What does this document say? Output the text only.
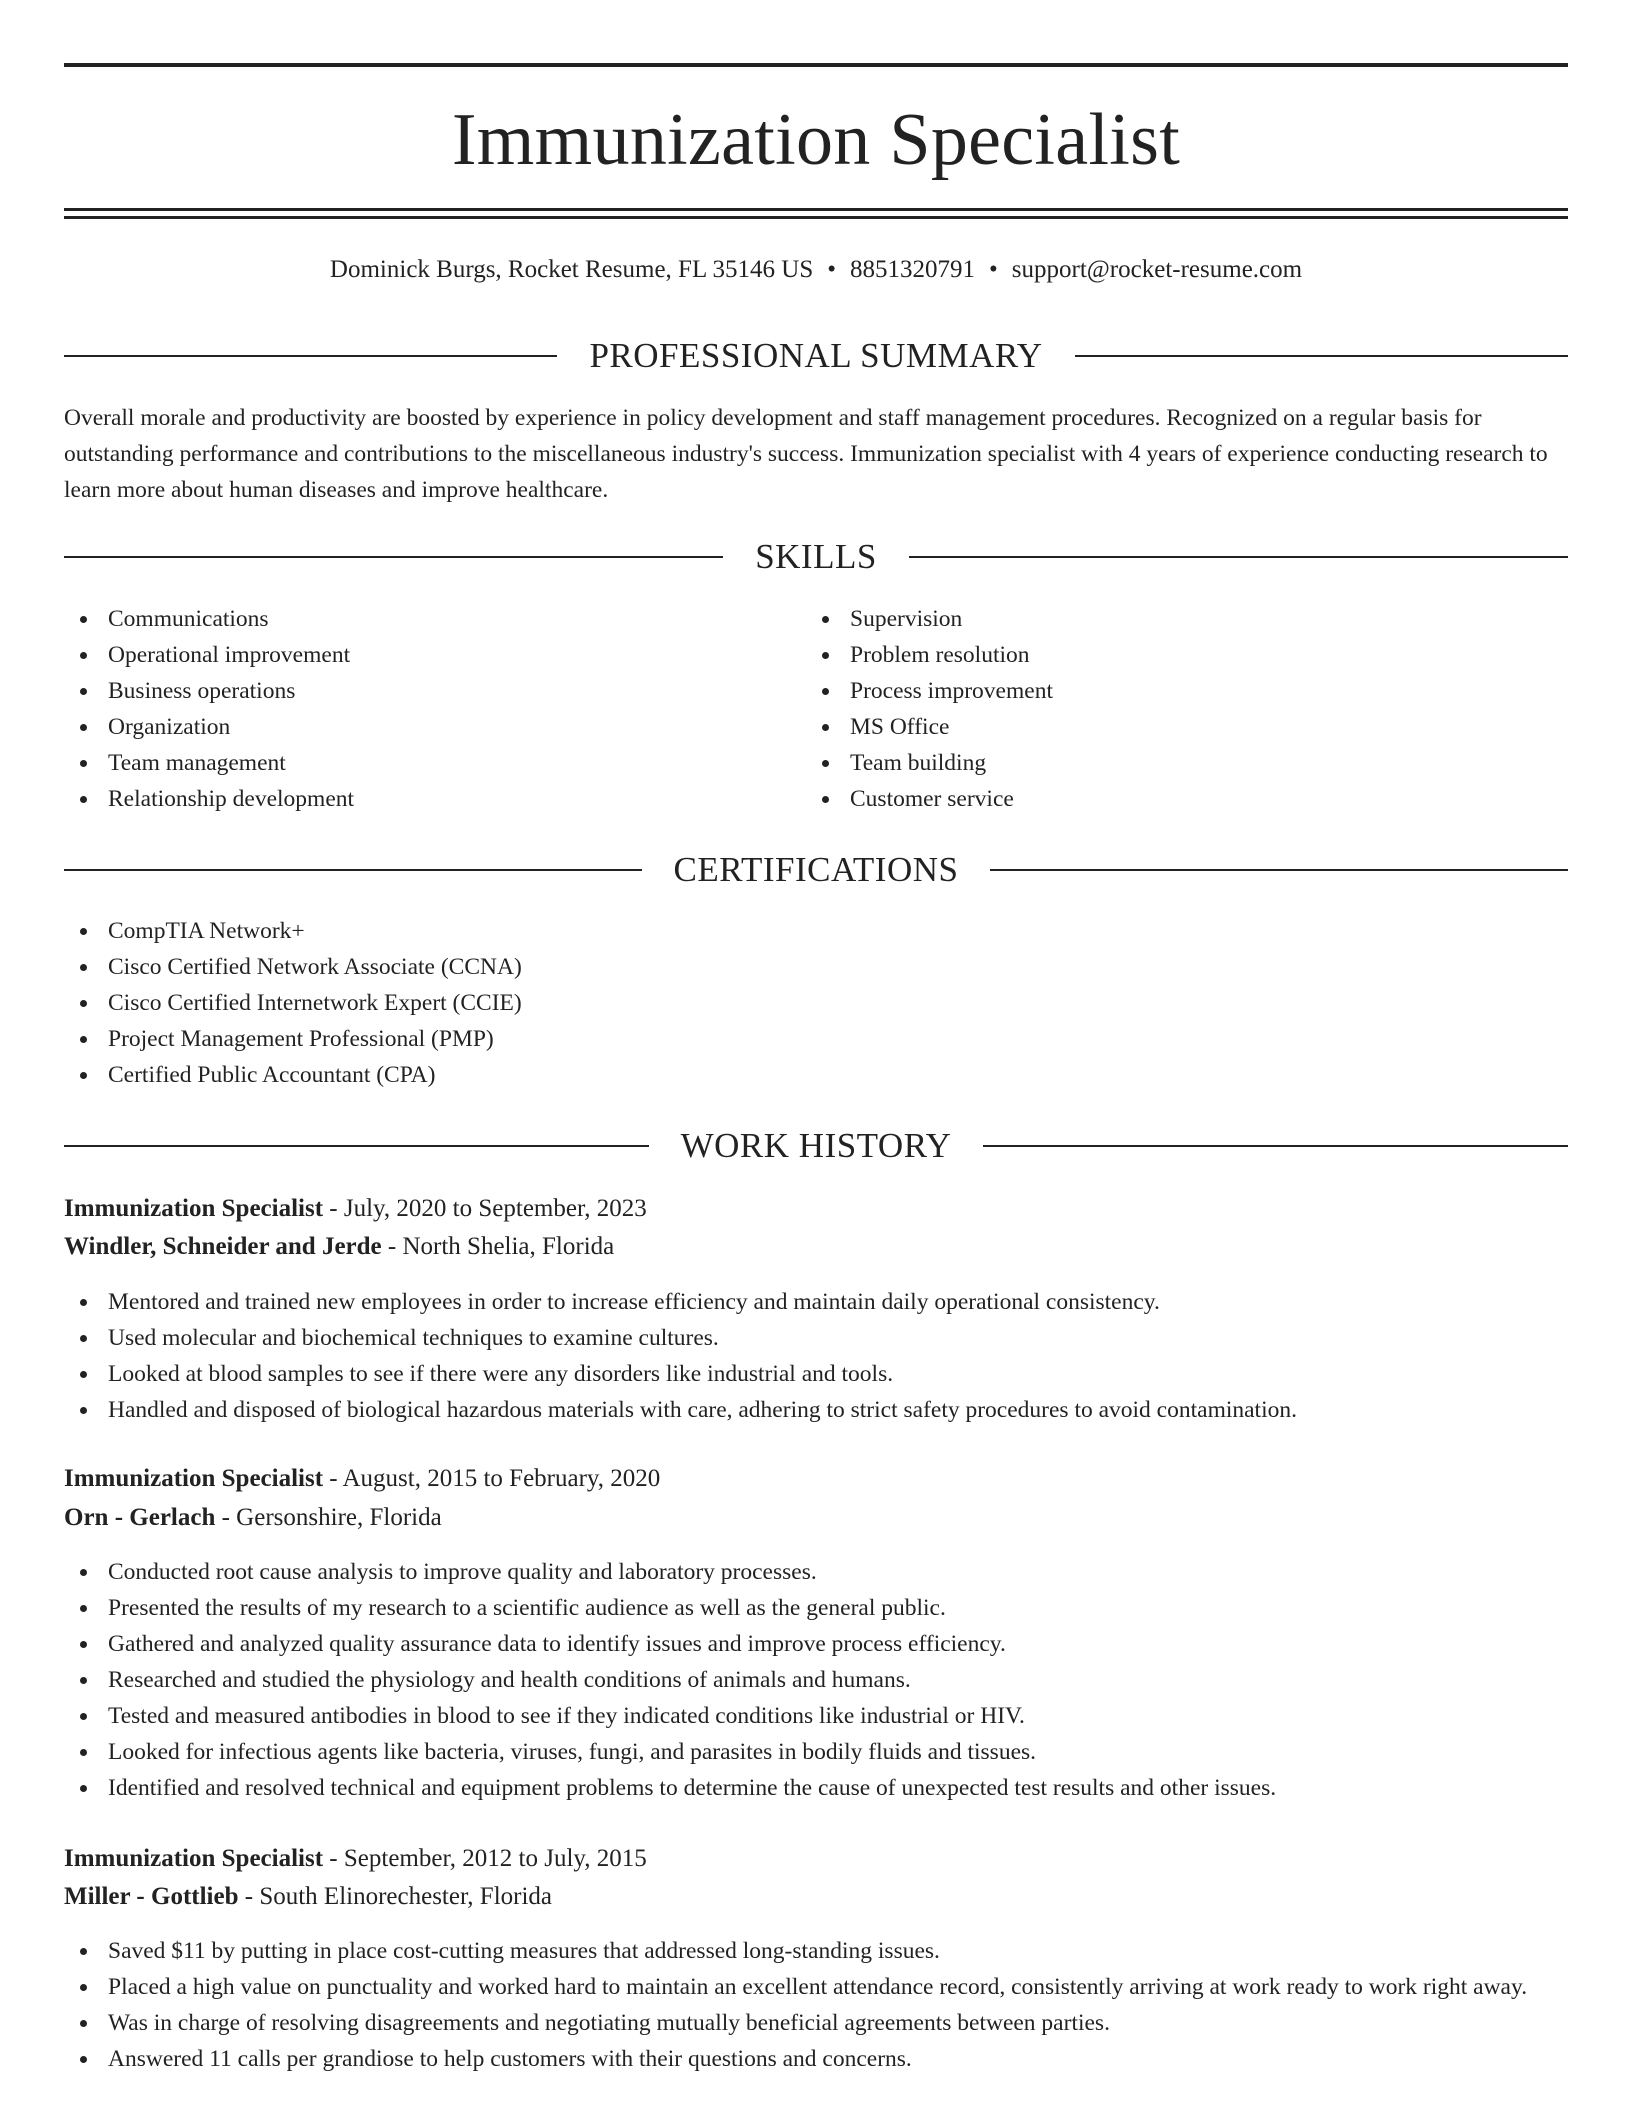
Immunization Specialist
Dominick Burgs, Rocket Resume, FL 35146 US • 8851320791 • support@rocket-resume.com
PROFESSIONAL SUMMARY

Overall morale and productivity are boosted by experience in policy development and staff management procedures. Recognized on a regular basis for outstanding performance and contributions to the miscellaneous industry's success. Immunization specialist with 4 years of experience conducting research to learn more about human diseases and improve healthcare.

SKILLS
Communications
Operational improvement
Business operations
Organization
Team management
Relationship development
Supervision
Problem resolution
Process improvement
MS Office
Team building
Customer service
CERTIFICATIONS
CompTIA Network+
Cisco Certified Network Associate (CCNA)
Cisco Certified Internetwork Expert (CCIE)
Project Management Professional (PMP)
Certified Public Accountant (CPA)
WORK HISTORY
Immunization Specialist - July, 2020 to September, 2023
Windler, Schneider and Jerde - North Shelia, Florida
Mentored and trained new employees in order to increase efficiency and maintain daily operational consistency.
Used molecular and biochemical techniques to examine cultures.
Looked at blood samples to see if there were any disorders like industrial and tools.
Handled and disposed of biological hazardous materials with care, adhering to strict safety procedures to avoid contamination.
Immunization Specialist - August, 2015 to February, 2020
Orn - Gerlach - Gersonshire, Florida
Conducted root cause analysis to improve quality and laboratory processes.
Presented the results of my research to a scientific audience as well as the general public.
Gathered and analyzed quality assurance data to identify issues and improve process efficiency.
Researched and studied the physiology and health conditions of animals and humans.
Tested and measured antibodies in blood to see if they indicated conditions like industrial or HIV.
Looked for infectious agents like bacteria, viruses, fungi, and parasites in bodily fluids and tissues.
Identified and resolved technical and equipment problems to determine the cause of unexpected test results and other issues.
Immunization Specialist - September, 2012 to July, 2015
Miller - Gottlieb - South Elinorechester, Florida
Saved $11 by putting in place cost-cutting measures that addressed long-standing issues.
Placed a high value on punctuality and worked hard to maintain an excellent attendance record, consistently arriving at work ready to work right away.
Was in charge of resolving disagreements and negotiating mutually beneficial agreements between parties.
Answered 11 calls per grandiose to help customers with their questions and concerns.
